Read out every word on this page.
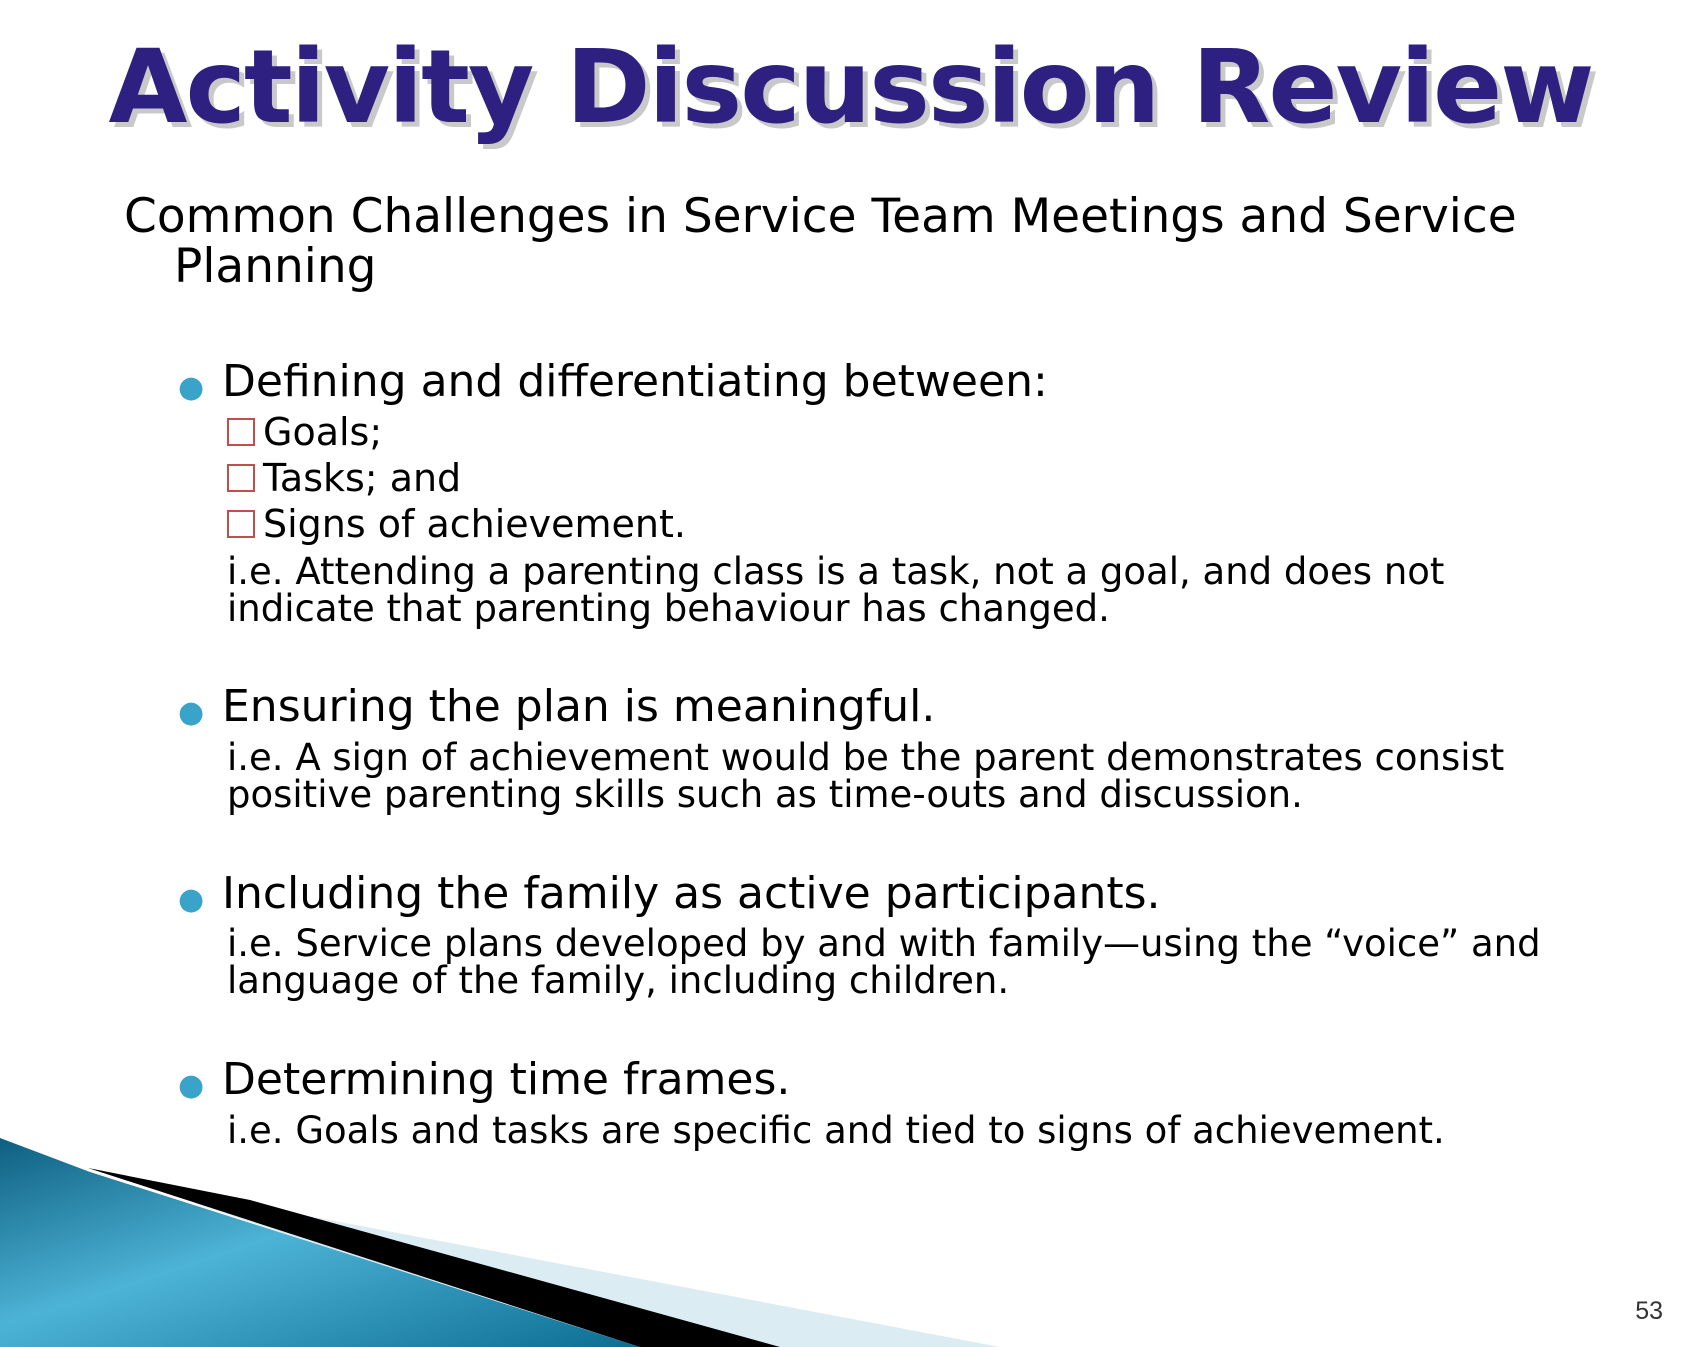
Activity Discussion Review

Common Challenges in Service Team Meetings and Service
Planning

● Defining and differentiating between:
Goals;
Tasks; and
Signs of achievement.
i.e. Attending a parenting class is a task, not a goal, and does not indicate that parenting behaviour has changed.
● Ensuring the plan is meaningful.
i.e. A sign of achievement would be the parent demonstrates consist positive parenting skills such as time-outs and discussion.
● Including the family as active participants.
i.e. Service plans developed by and with family—using the “voice” and language of the family, including children.
● Determining time frames.
i.e. Goals and tasks are specific and tied to signs of achievement.
53
